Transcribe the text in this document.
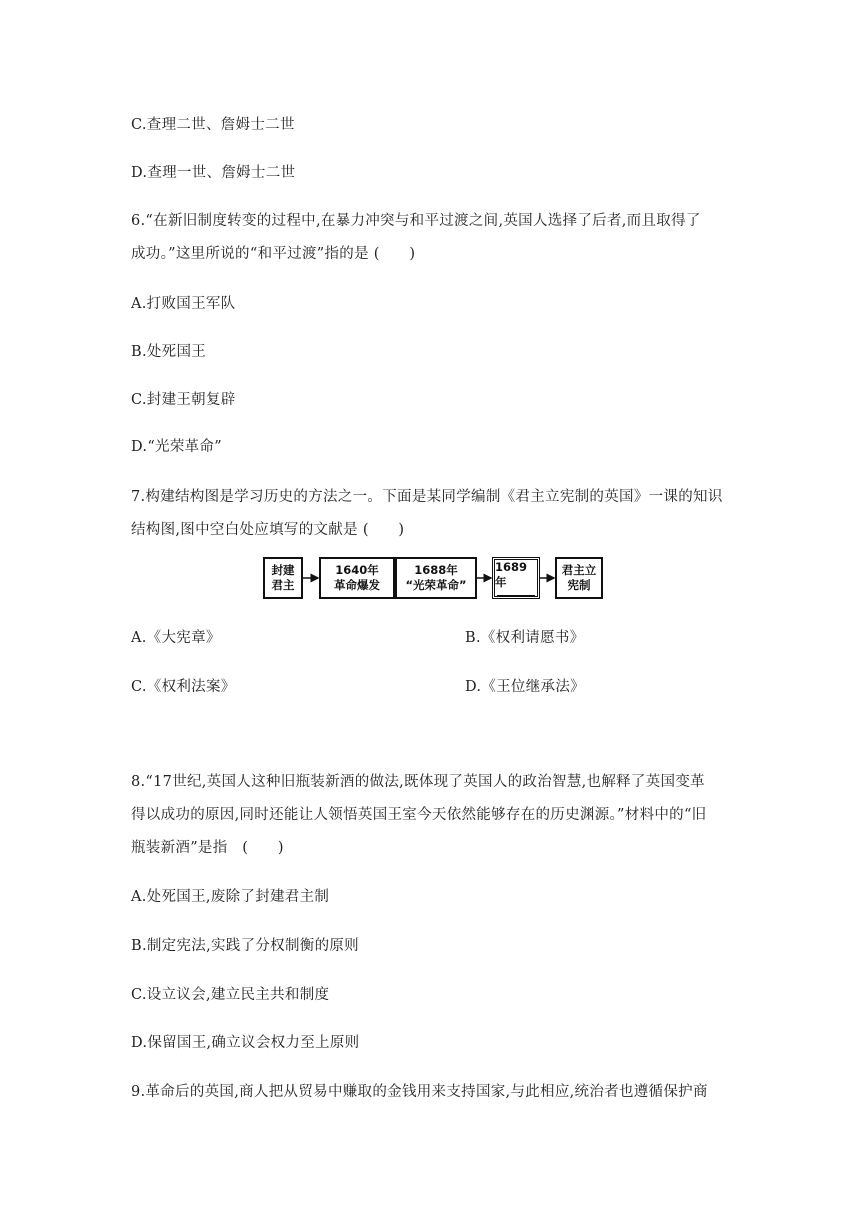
C.查理二世、詹姆士二世
D.查理一世、詹姆士二世
6.“在新旧制度转变的过程中,在暴力冲突与和平过渡之间,英国人选择了后者,而且取得了
成功。”这里所说的“和平过渡”指的是 (　　)
A.打败国王军队
B.处死国王
C.封建王朝复辟
D.“光荣革命”
7.构建结构图是学习历史的方法之一。下面是某同学编制《君主立宪制的英国》一课的知识
结构图,图中空白处应填写的文献是 (　　)
封建
君主
1640年
革命爆发
1688年
“光荣革命”
1689年
君主立
宪制
A.《大宪章》	B.《权利请愿书》
C.《权利法案》	D.《王位继承法》
8.“17世纪,英国人这种旧瓶装新酒的做法,既体现了英国人的政治智慧,也解释了英国变革
得以成功的原因,同时还能让人领悟英国王室今天依然能够存在的历史渊源。”材料中的“旧
瓶装新酒”是指　(　　)
A.处死国王,废除了封建君主制
B.制定宪法,实践了分权制衡的原则
C.设立议会,建立民主共和制度
D.保留国王,确立议会权力至上原则
9.革命后的英国,商人把从贸易中赚取的金钱用来支持国家,与此相应,统治者也遵循保护商
